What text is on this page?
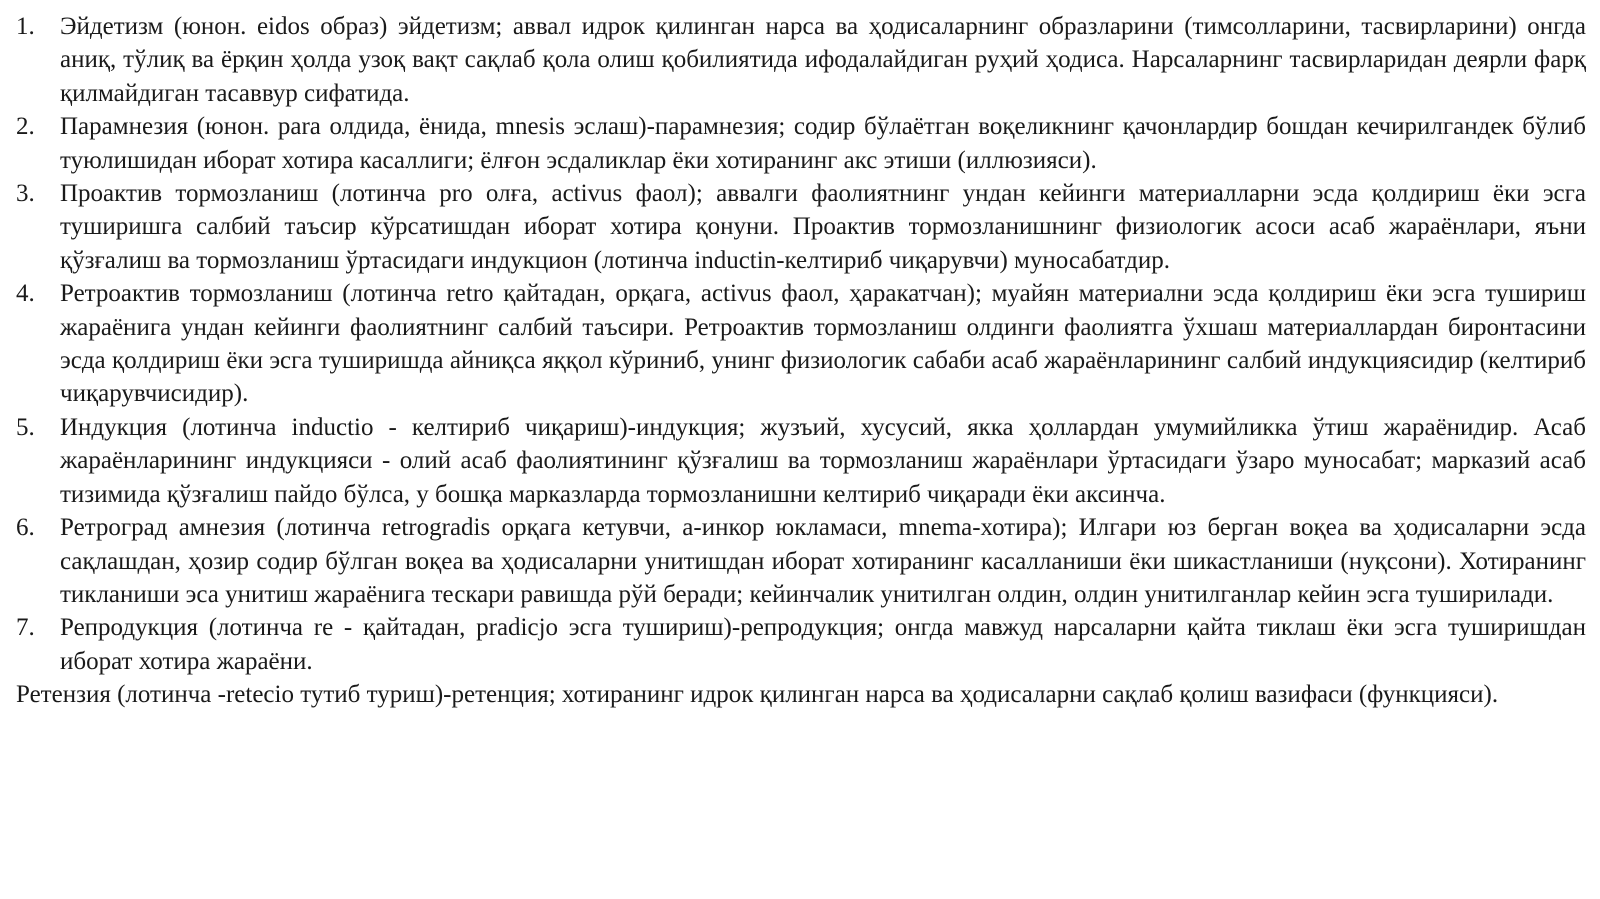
1.	Эйдетизм (юнон. eidos образ) эйдетизм; аввал идрок қилинган нарса ва ҳодисаларнинг образларини (тимсолларини, тасвирларини) онгда аниқ, тўлиқ ва ёрқин ҳолда узоқ вақт сақлаб қола олиш қобилиятида ифодалайдиган руҳий ҳодиса. Нарсаларнинг тасвирларидан деярли фарқ қилмайдиган тасаввур сифатида.
2.	Парамнезия (юнон. para олдида, ёнида, mnesis эслаш)-парамнезия; содир бўлаётган воқеликнинг қачонлардир бошдан кечирилгандек бўлиб туюлишидан иборат хотира касаллиги; ёлғон эсдаликлар ёки хотиранинг акс этиши (иллюзияси).
3.	Проактив тормозланиш (лотинча pro олға, activus фаол); аввалги фаолиятнинг ундан кейинги материалларни эсда қолдириш ёки эсга туширишга салбий таъсир кўрсатишдан иборат хотира қонуни. Проактив тормозланишнинг физиологик асоси асаб жараёнлари, яъни қўзғалиш ва тормозланиш ўртасидаги индукцион (лотинча inductin-келтириб чиқарувчи) муносабатдир.
4.	Ретроактив тормозланиш (лотинча retro қайтадан, орқага, activus фаол, ҳаракатчан); муайян материални эсда қолдириш ёки эсга тушириш жараёнига ундан кейинги фаолиятнинг салбий таъсири. Ретроактив тормозланиш олдинги фаолиятга ўхшаш материаллардан биронтасини эсда қолдириш ёки эсга туширишда айниқса яққол кўриниб, унинг физиологик сабаби асаб жараёнларининг салбий индукциясидир (келтириб чиқарувчисидир).
5.	Индукция (лотинча inductio - келтириб чиқариш)-индукция; жузъий, хусусий, якка ҳоллардан умумийликка ўтиш жараёнидир. Асаб жараёнларининг индукцияси - олий асаб фаолиятининг қўзғалиш ва тормозланиш жараёнлари ўртасидаги ўзаро муносабат; марказий асаб тизимида қўзғалиш пайдо бўлса, у бошқа марказларда тормозланишни келтириб чиқаради ёки аксинча.
6.	Ретроград амнезия (лотинча retrogradis орқага кетувчи, а-инкор юкламаси, mnema-хотира); Илгари юз берган воқеа ва ҳодисаларни эсда сақлашдан, ҳозир содир бўлган воқеа ва ҳодисаларни унитишдан иборат хотиранинг касалланиши ёки шикастланиши (нуқсони). Хотиранинг тикланиши эса унитиш жараёнига тескари равишда рўй беради; кейинчалик унитилган олдин, олдин унитилганлар кейин эсга туширилади.
7.	Репродукция (лотинча re - қайтадан, pradicjo эсга тушириш)-репродукция; онгда мавжуд нарсаларни қайта тиклаш ёки эсга туширишдан иборат хотира жараёни.

Ретензия (лотинча -retecio тутиб туриш)-ретенция; хотиранинг идрок қилинган нарса ва ҳодисаларни сақлаб қолиш вазифаси (функцияси).
